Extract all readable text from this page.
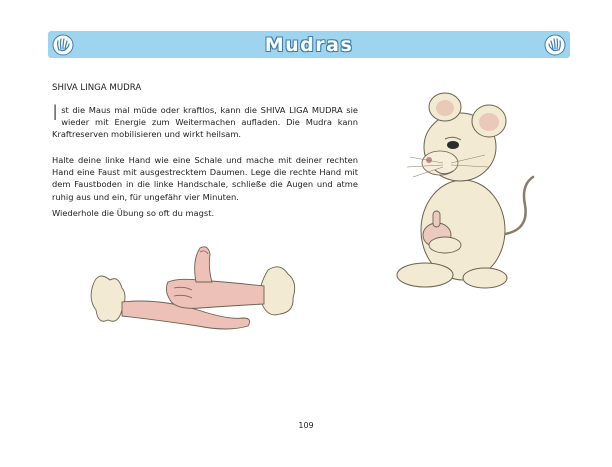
Mudras
SHIVA LINGA MUDRA
Ist die Maus mal müde oder kraftlos, kann die SHIVA LIGA MUDRA sie wieder mit Energie zum Weitermachen aufladen. Die Mudra kann Kraftreserven mobilisieren und wirkt heilsam.
Halte deine linke Hand wie eine Schale und mache mit deiner rechten Hand eine Faust mit ausgestrecktem Daumen. Lege die rechte Hand mit dem Faustboden in die linke Handschale, schließe die Augen und atme ruhig aus und ein, für ungefähr vier Minuten.
Wiederhole die Übung so oft du magst.
109
